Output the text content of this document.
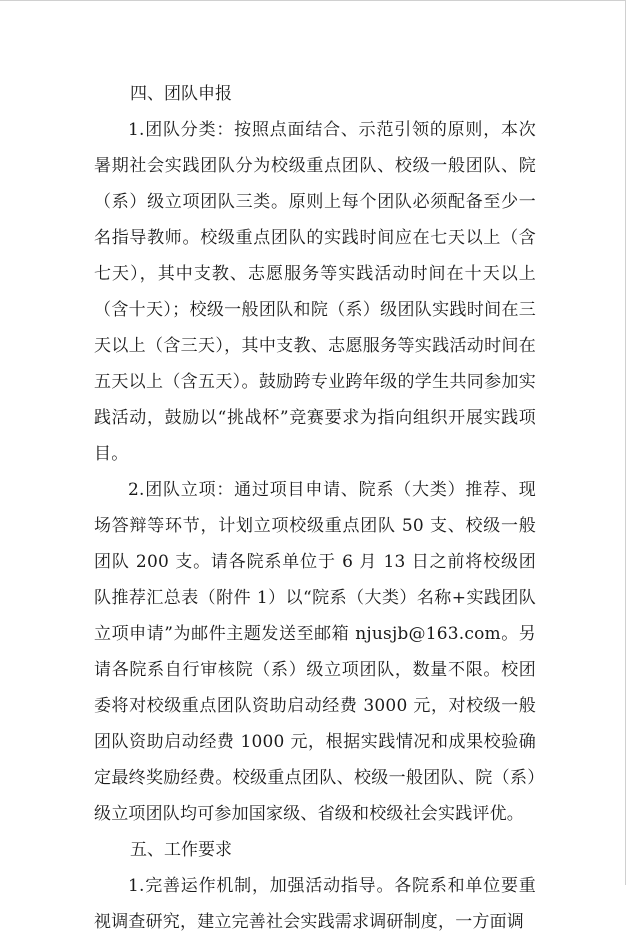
四、团队申报

1.团队分类：按照点面结合、示范引领的原则，本次暑期社会实践团队分为校级重点团队、校级一般团队、院（系）级立项团队三类。原则上每个团队必须配备至少一名指导教师。校级重点团队的实践时间应在七天以上（含七天），其中支教、志愿服务等实践活动时间在十天以上（含十天）；校级一般团队和院（系）级团队实践时间在三天以上（含三天），其中支教、志愿服务等实践活动时间在五天以上（含五天）。鼓励跨专业跨年级的学生共同参加实践活动，鼓励以“挑战杯”竞赛要求为指向组织开展实践项目。

2.团队立项：通过项目申请、院系（大类）推荐、现场答辩等环节，计划立项校级重点团队 50 支、校级一般团队 200 支。请各院系单位于 6 月 13 日之前将校级团队推荐汇总表（附件 1）以“院系（大类）名称+实践团队立项申请”为邮件主题发送至邮箱 njusjb@163.com。另请各院系自行审核院（系）级立项团队，数量不限。校团委将对校级重点团队资助启动经费 3000 元，对校级一般团队资助启动经费 1000 元，根据实践情况和成果校验确定最终奖励经费。校级重点团队、校级一般团队、院（系）级立项团队均可参加国家级、省级和校级社会实践评优。

五、工作要求

1.完善运作机制，加强活动指导。各院系和单位要重视调查研究，建立完善社会实践需求调研制度，一方面调
